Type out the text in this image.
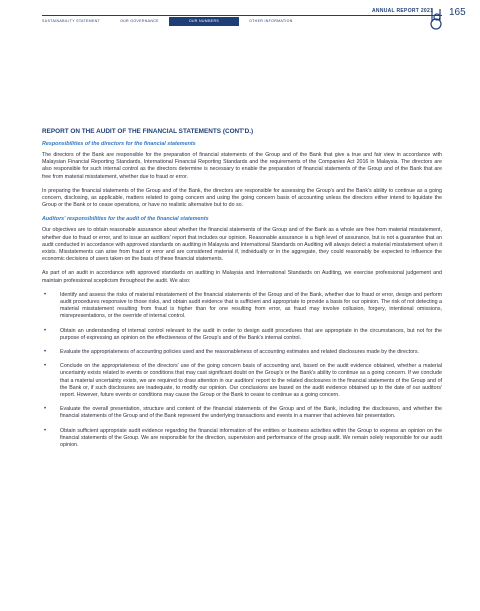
ANNUAL REPORT 2021 165
SUSTAINABILITY STATEMENT	OUR GOVERNANCE	OUR NUMBERS	OTHER INFORMATION
REPORT ON THE AUDIT OF THE FINANCIAL STATEMENTS (CONT'D.)
Responsibilities of the directors for the financial statements

The directors of the Bank are responsible for the preparation of financial statements of the Group and of the Bank that give a true and fair view in accordance with Malaysian Financial Reporting Standards, International Financial Reporting Standards and the requirements of the Companies Act 2016 in Malaysia. The directors are also responsible for such internal control as the directors determine is necessary to enable the preparation of financial statements of the Group and of the Bank that are free from material misstatement, whether due to fraud or error.

In preparing the financial statements of the Group and of the Bank, the directors are responsible for assessing the Group's and the Bank's ability to continue as a going concern, disclosing, as applicable, matters related to going concern and using the going concern basis of accounting unless the directors either intend to liquidate the Group or the Bank or to cease operations, or have no realistic alternative but to do so.

Auditors' responsibilities for the audit of the financial statements

Our objectives are to obtain reasonable assurance about whether the financial statements of the Group and of the Bank as a whole are free from material misstatement, whether due to fraud or error, and to issue an auditors' report that includes our opinion. Reasonable assurance is a high level of assurance, but is not a guarantee that an audit conducted in accordance with approved standards on auditing in Malaysia and International Standards on Auditing will always detect a material misstatement when it exists. Misstatements can arise from fraud or error and are considered material if, individually or in the aggregate, they could reasonably be expected to influence the economic decisions of users taken on the basis of these financial statements.

As part of an audit in accordance with approved standards on auditing in Malaysia and International Standards on Auditing, we exercise professional judgement and maintain professional scepticism throughout the audit. We also:

• Identify and assess the risks of material misstatement of the financial statements of the Group and of the Bank, whether due to fraud or error, design and perform audit procedures responsive to those risks, and obtain audit evidence that is sufficient and appropriate to provide a basis for our opinion. The risk of not detecting a material misstatement resulting from fraud is higher than for one resulting from error, as fraud may involve collusion, forgery, intentional omissions, misrepresentations, or the override of internal control.
• Obtain an understanding of internal control relevant to the audit in order to design audit procedures that are appropriate in the circumstances, but not for the purpose of expressing an opinion on the effectiveness of the Group's and of the Bank's internal control.
• Evaluate the appropriateness of accounting policies used and the reasonableness of accounting estimates and related disclosures made by the directors.
• Conclude on the appropriateness of the directors' use of the going concern basis of accounting and, based on the audit evidence obtained, whether a material uncertainty exists related to events or conditions that may cast significant doubt on the Group's or the Bank's ability to continue as a going concern. If we conclude that a material uncertainty exists, we are required to draw attention in our auditors' report to the related disclosures in the financial statements of the Group and of the Bank or, if such disclosures are inadequate, to modify our opinion. Our conclusions are based on the audit evidence obtained up to the date of our auditors' report. However, future events or conditions may cause the Group or the Bank to cease to continue as a going concern.
• Evaluate the overall presentation, structure and content of the financial statements of the Group and of the Bank, including the disclosures, and whether the financial statements of the Group and of the Bank represent the underlying transactions and events in a manner that achieves fair presentation.
• Obtain sufficient appropriate audit evidence regarding the financial information of the entities or business activities within the Group to express an opinion on the financial statements of the Group. We are responsible for the direction, supervision and performance of the group audit. We remain solely responsible for our audit opinion.
